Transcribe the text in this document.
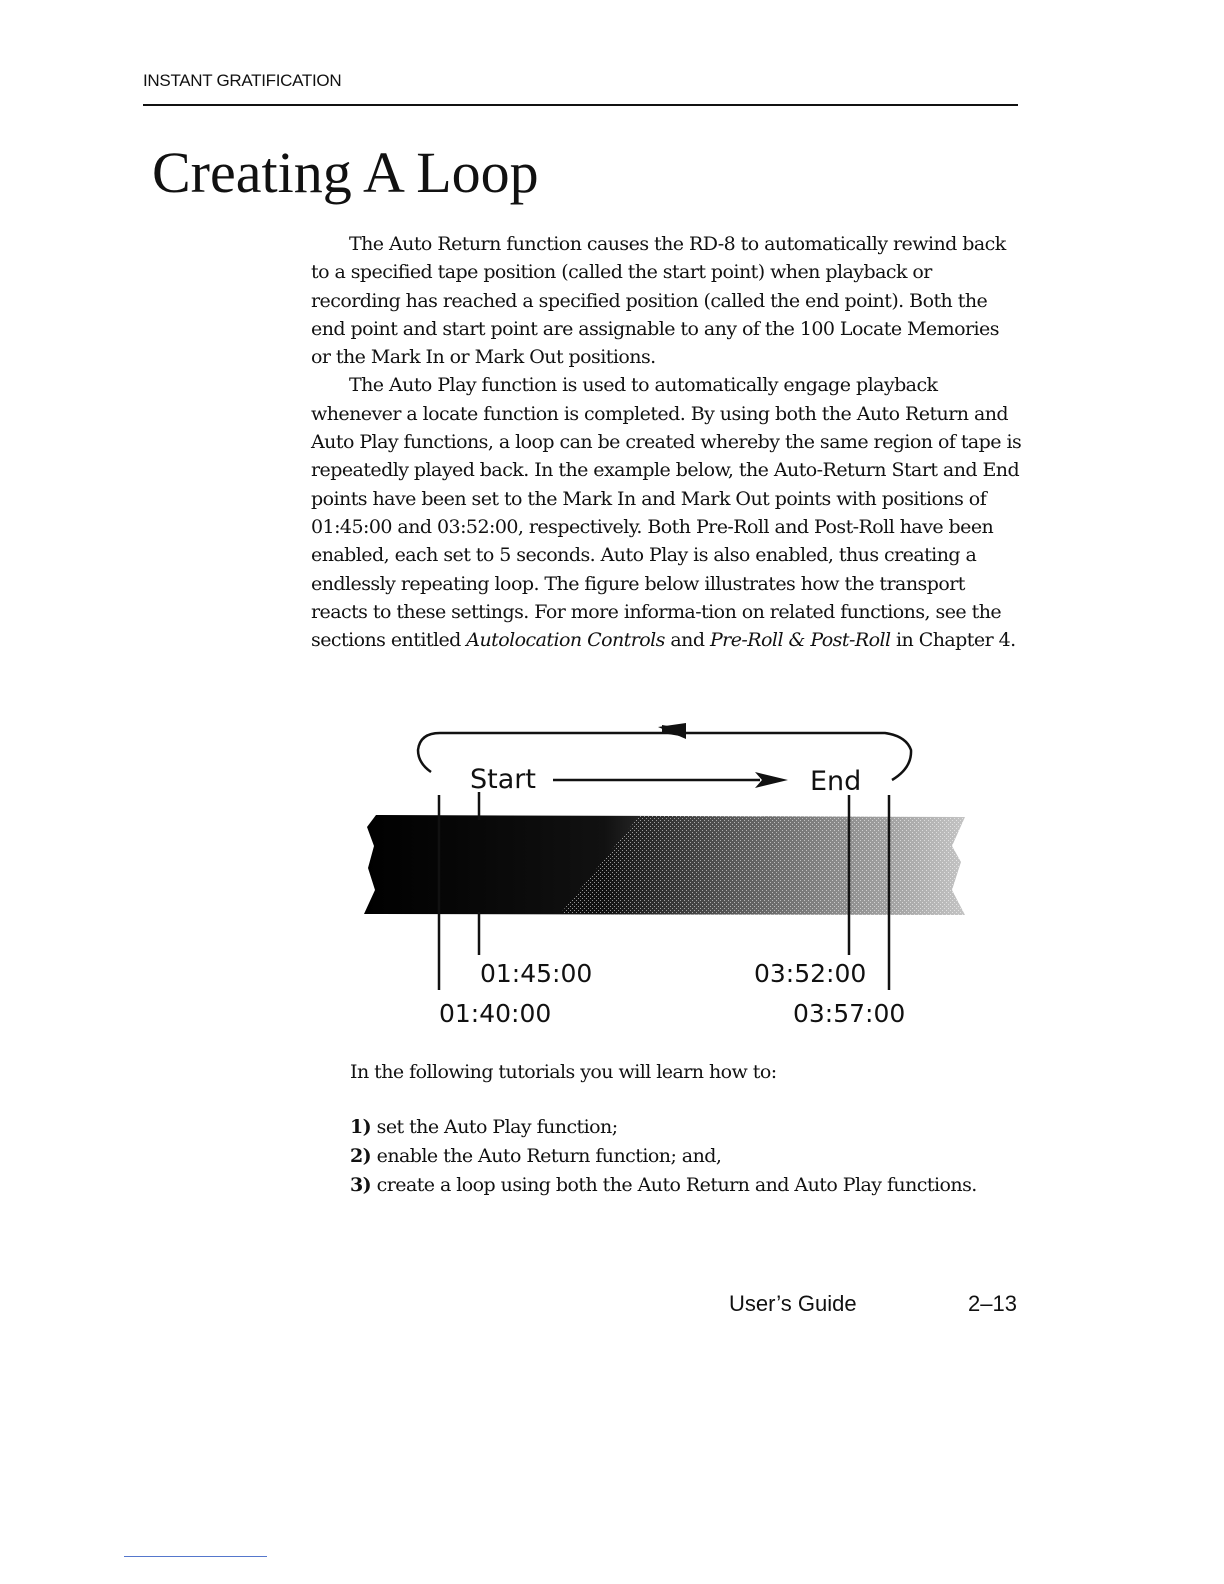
INSTANT GRATIFICATION
Creating A Loop

The Auto Return function causes the RD-8 to automatically rewind back to a specified tape position (called the start point) when playback or recording has reached a specified position (called the end point). Both the end point and start point are assignable to any of the 100 Locate Memories or the Mark In or Mark Out positions.

The Auto Play function is used to automatically engage playback whenever a locate function is completed. By using both the Auto Return and Auto Play functions, a loop can be created whereby the same region of tape is repeatedly played back. In the example below, the Auto-Return Start and End points have been set to the Mark In and Mark Out points with positions of 01:45:00 and 03:52:00, respectively. Both Pre-Roll and Post-Roll have been enabled, each set to 5 seconds. Auto Play is also enabled, thus creating a endlessly repeating loop. The figure below illustrates how the transport reacts to these settings. For more informa-tion on related functions, see the sections entitled Autolocation Controls and Pre-Roll & Post-Roll in Chapter 4.

Start	End
01:45:00	03:52:00
01:40:00	03:57:00

In the following tutorials you will learn how to:

1) set the Auto Play function;
2) enable the Auto Return function; and,
3) create a loop using both the Auto Return and Auto Play functions.
User’s Guide	2–13
